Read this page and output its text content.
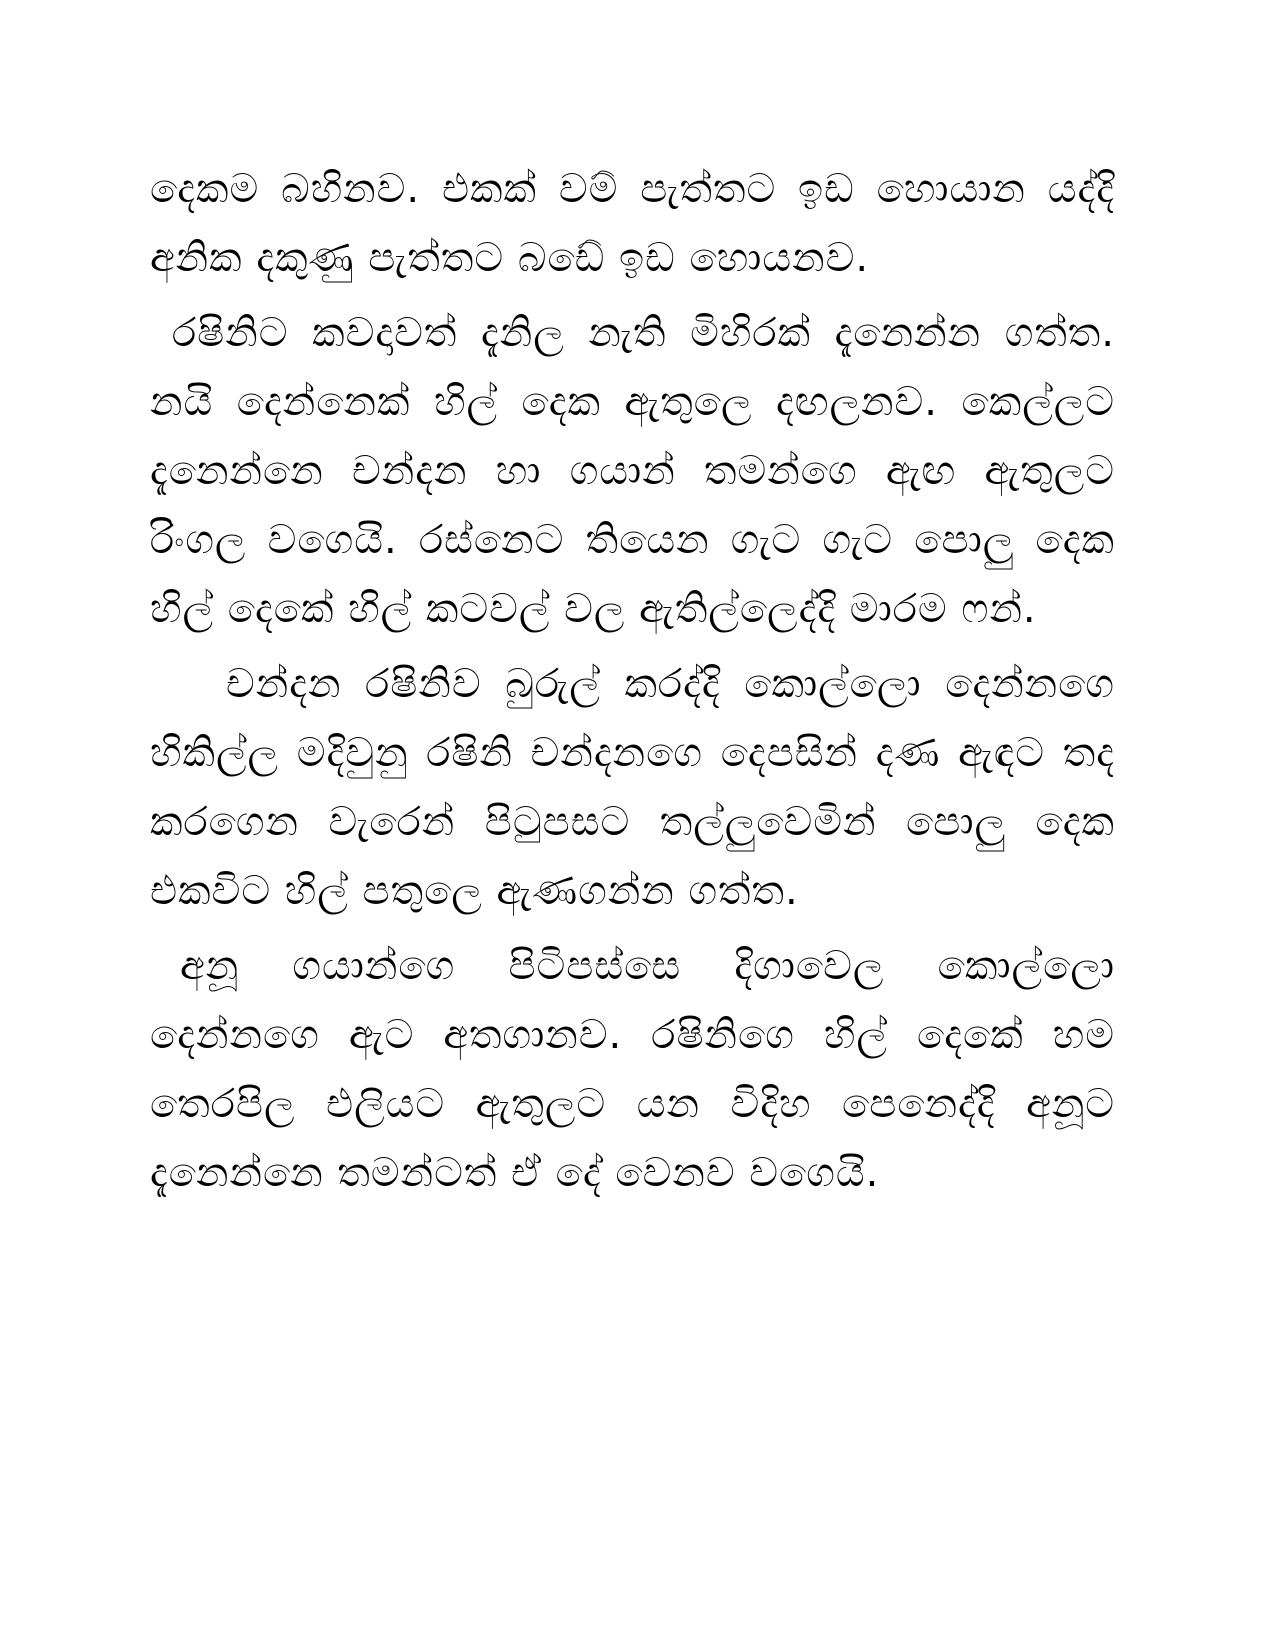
දෙකම බහිනව. එකක් වම් පැත්තට ඉඩ හොයාන යද්දි අනික දකුණු පැත්තට බඩේ ඉඩ හොයනව.

රෂිනිට කවදාවත් දැනිල නැති මිහිරක් දැනෙන්න ගත්ත. නයි දෙන්නෙක් හිල් දෙක ඇතුලෙ දඟලනව. කෙල්ලට දැනෙන්නෙ චන්දන හා ගයාන් තමන්ගෙ ඇඟ ඇතුලට රිංගල වගෙයි. රස්නෙට තියෙන ගැට ගැට පොලු දෙක හිල් දෙකේ හිල් කටවල් වල ඇතිල්ලෙද්දි මාරම ෆන්.

චන්දන රෂිනිව බුරුල් කරද්දි කොල්ලො දෙන්නගෙ හිකිල්ල මදිවුනු රෂිනි චන්දනගෙ දෙපසින් දණ ඇඳට තද කරගෙන වැරෙන් පිටුපසට තල්ලුවෙමින් පොලු දෙක එකවිට හිල් පතුලෙ ඇණගන්න ගත්ත.

අනූ ගයාන්ගෙ පිටිපස්සෙ දිගාවෙල කොල්ලො දෙන්නගෙ ඇට අතගානව. රෂිනිගෙ හිල් දෙකේ හම තෙරපිල එලියට ඇතුලට යන විදිහ පෙනෙද්දි අනූට දැනෙන්නෙ තමන්ටත් ඒ දේ වෙනව වගෙයි.
